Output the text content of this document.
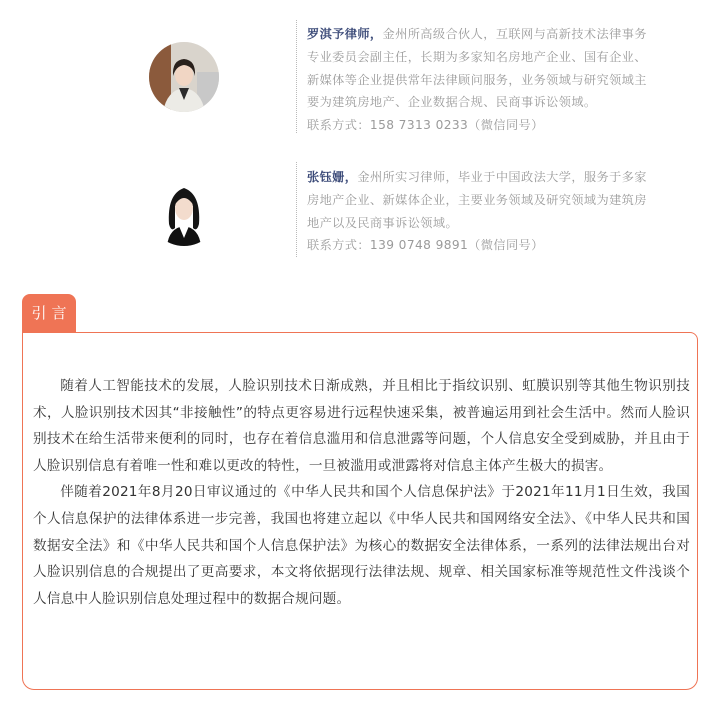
罗淇予律师，金州所高级合伙人，互联网与高新技术法律事务专业委员会副主任，长期为多家知名房地产企业、国有企业、新媒体等企业提供常年法律顾问服务，业务领域与研究领域主要为建筑房地产、企业数据合规、民商事诉讼领域。
联系方式：158 7313 0233（微信同号）
张钰姗，金州所实习律师，毕业于中国政法大学，服务于多家房地产企业、新媒体企业，主要业务领域及研究领域为建筑房地产以及民商事诉讼领域。
联系方式：139 0748 9891（微信同号）
引言

随着人工智能技术的发展，人脸识别技术日渐成熟，并且相比于指纹识别、虹膜识别等其他生物识别技术，人脸识别技术因其“非接触性”的特点更容易进行远程快速采集，被普遍运用到社会生活中。然而人脸识别技术在给生活带来便利的同时，也存在着信息滥用和信息泄露等问题，个人信息安全受到威胁，并且由于人脸识别信息有着唯一性和难以更改的特性，一旦被滥用或泄露将对信息主体产生极大的损害。

伴随着2021年8月20日审议通过的《中华人民共和国个人信息保护法》于2021年11月1日生效，我国个人信息保护的法律体系进一步完善，我国也将建立起以《中华人民共和国网络安全法》、《中华人民共和国数据安全法》和《中华人民共和国个人信息保护法》为核心的数据安全法律体系，一系列的法律法规出台对人脸识别信息的合规提出了更高要求，本文将依据现行法律法规、规章、相关国家标准等规范性文件浅谈个人信息中人脸识别信息处理过程中的数据合规问题。
